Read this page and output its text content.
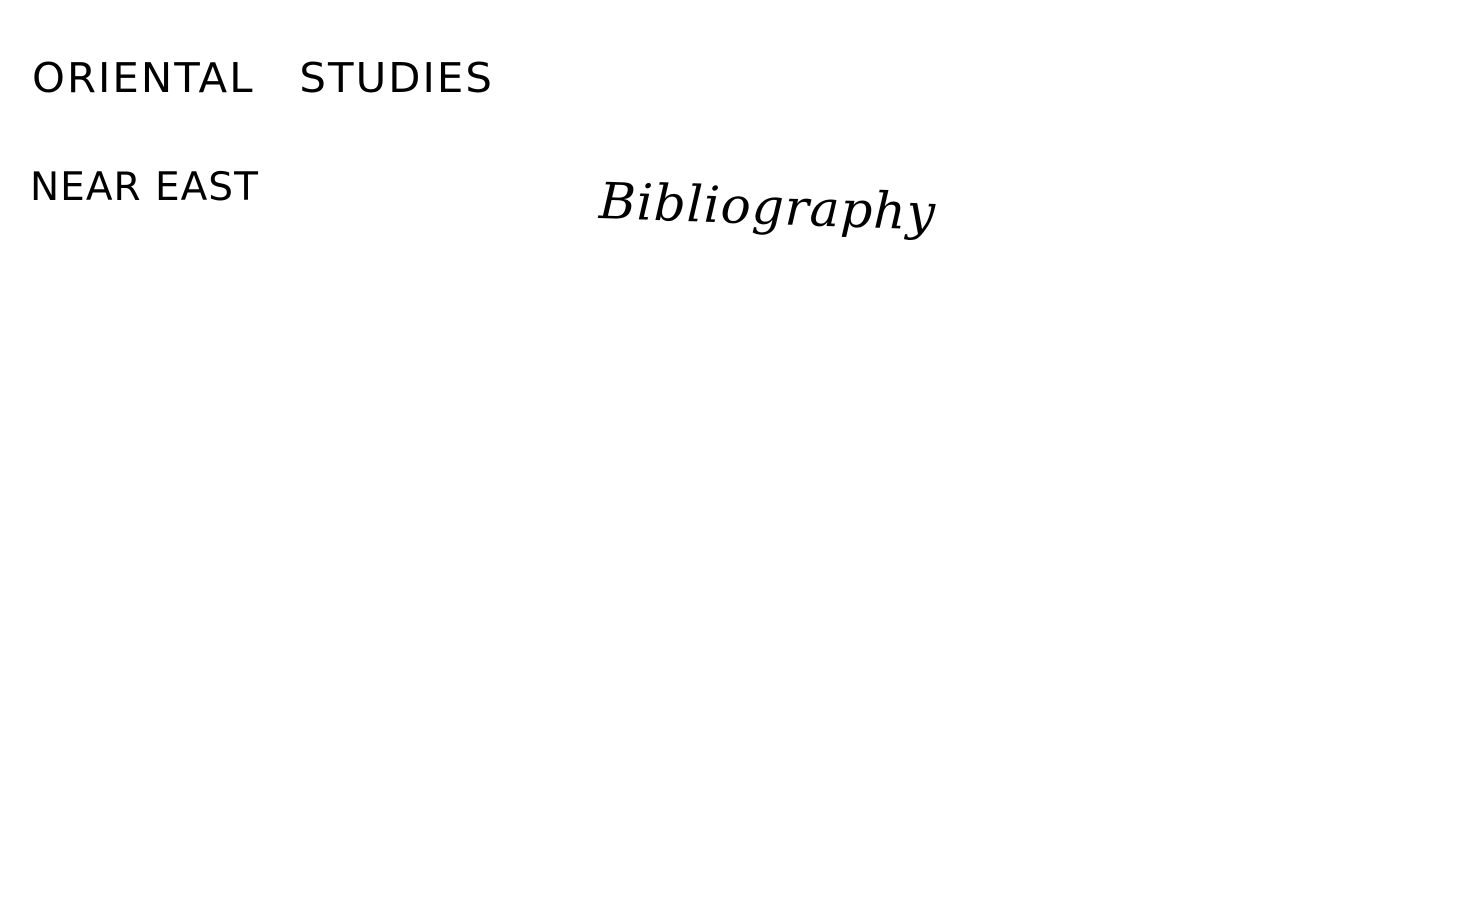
ORIENTAL STUDIES
NEAR EAST	Bibliography
